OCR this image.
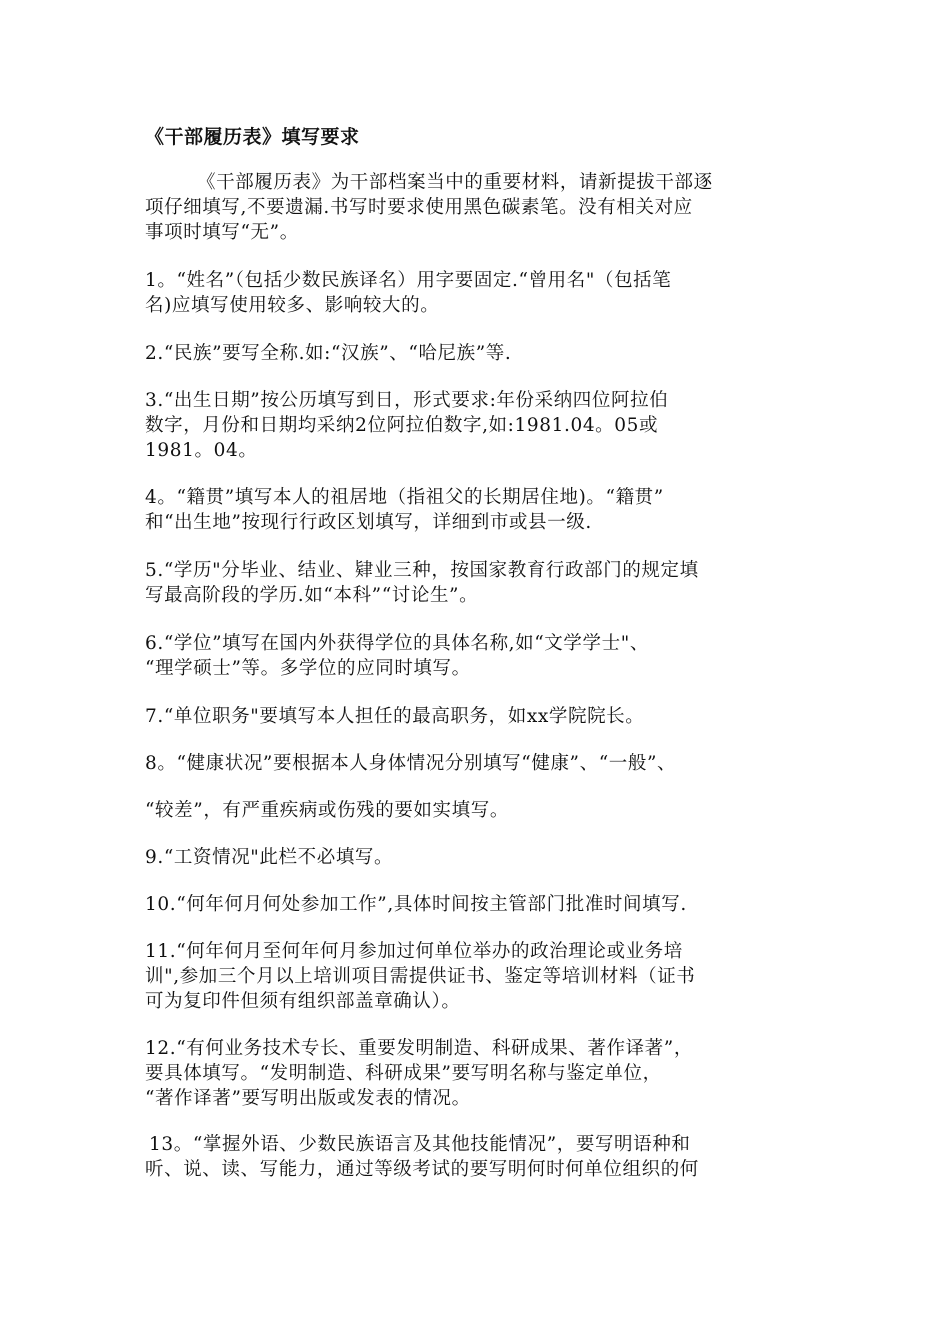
《干部履历表》填写要求
《干部履历表》为干部档案当中的重要材料，请新提拔干部逐
项仔细填写,不要遗漏.书写时要求使用黑色碳素笔。没有相关对应
事项时填写“无”。
1。“姓名”（包括少数民族译名）用字要固定.“曾用名"（包括笔
名)应填写使用较多、影响较大的。
2.“民族”要写全称.如:“汉族”、“哈尼族”等.
3.“出生日期”按公历填写到日，形式要求:年份采纳四位阿拉伯
数字，月份和日期均采纳2位阿拉伯数字,如:1981.04。05或
1981。04。
4。“籍贯”填写本人的祖居地（指祖父的长期居住地)。“籍贯”
和“出生地”按现行行政区划填写，详细到市或县一级.
5.“学历"分毕业、结业、肄业三种，按国家教育行政部门的规定填
写最高阶段的学历.如“本科”“讨论生”。
6.“学位”填写在国内外获得学位的具体名称,如“文学学士"、
“理学硕士”等。多学位的应同时填写。
7.“单位职务"要填写本人担任的最高职务，如xx学院院长。
8。“健康状况”要根据本人身体情况分别填写“健康”、“一般”、
“较差”，有严重疾病或伤残的要如实填写。
9.“工资情况"此栏不必填写。
10.“何年何月何处参加工作”,具体时间按主管部门批准时间填写.
11.“何年何月至何年何月参加过何单位举办的政治理论或业务培
训",参加三个月以上培训项目需提供证书、鉴定等培训材料（证书
可为复印件但须有组织部盖章确认）。
12.“有何业务技术专长、重要发明制造、科研成果、著作译著”，
要具体填写。“发明制造、科研成果”要写明名称与鉴定单位，
“著作译著”要写明出版或发表的情况。
13。“掌握外语、少数民族语言及其他技能情况”，要写明语种和
听、说、读、写能力，通过等级考试的要写明何时何单位组织的何
